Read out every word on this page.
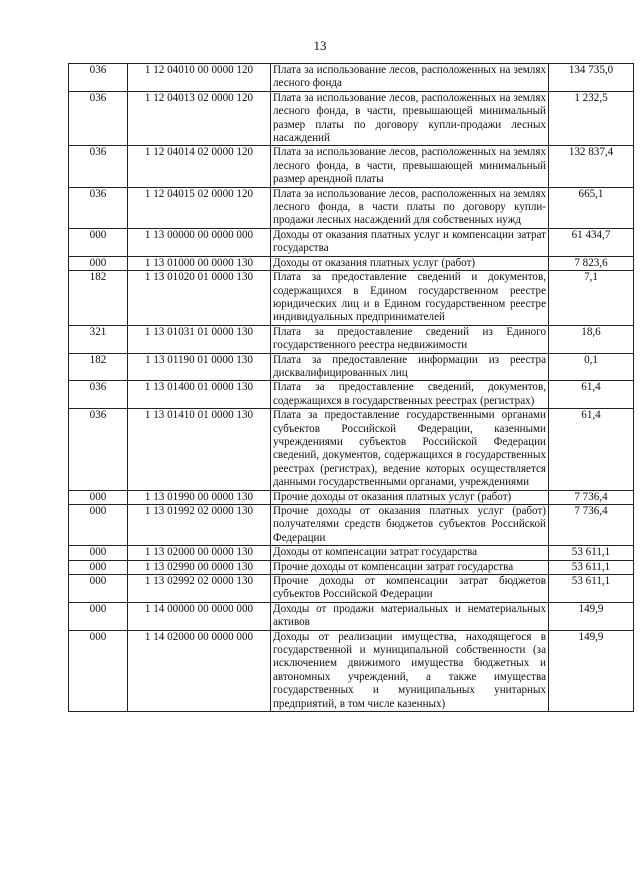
13
036	1 12 04010 00 0000 120	Плата за использование лесов, расположенных на землях лесного фонда	134 735,0
036	1 12 04013 02 0000 120	Плата за использование лесов, расположенных на землях лесного фонда, в части, превышающей минимальный размер платы по договору купли-продажи лесных насаждений	1 232,5
036	1 12 04014 02 0000 120	Плата за использование лесов, расположенных на землях лесного фонда, в части, превышающей минимальный размер арендной платы	132 837,4
036	1 12 04015 02 0000 120	Плата за использование лесов, расположенных на землях лесного фонда, в части платы по договору купли-продажи лесных насаждений для собственных нужд	665,1
000	1 13 00000 00 0000 000	Доходы от оказания платных услуг и компенсации затрат государства	61 434,7
000	1 13 01000 00 0000 130	Доходы от оказания платных услуг (работ)	7 823,6
182	1 13 01020 01 0000 130	Плата за предоставление сведений и документов, содержащихся в Едином государственном реестре юридических лиц и в Едином государственном реестре индивидуальных предпринимателей	7,1
321	1 13 01031 01 0000 130	Плата за предоставление сведений из Единого государственного реестра недвижимости	18,6
182	1 13 01190 01 0000 130	Плата за предоставление информации из реестра дисквалифицированных лиц	0,1
036	1 13 01400 01 0000 130	Плата за предоставление сведений, документов, содержащихся в государственных реестрах (регистрах)	61,4
036	1 13 01410 01 0000 130	Плата за предоставление государственными органами субъектов Российской Федерации, казенными учреждениями субъектов Российской Федерации сведений, документов, содержащихся в государственных реестрах (регистрах), ведение которых осуществляется данными государственными органами, учреждениями	61,4
000	1 13 01990 00 0000 130	Прочие доходы от оказания платных услуг (работ)	7 736,4
000	1 13 01992 02 0000 130	Прочие доходы от оказания платных услуг (работ) получателями средств бюджетов субъектов Российской Федерации	7 736,4
000	1 13 02000 00 0000 130	Доходы от компенсации затрат государства	53 611,1
000	1 13 02990 00 0000 130	Прочие доходы от компенсации затрат государства	53 611,1
000	1 13 02992 02 0000 130	Прочие доходы от компенсации затрат бюджетов субъектов Российской Федерации	53 611,1
000	1 14 00000 00 0000 000	Доходы от продажи материальных и нематериальных активов	149,9
000	1 14 02000 00 0000 000	Доходы от реализации имущества, находящегося в государственной и муниципальной собственности (за исключением движимого имущества бюджетных и автономных учреждений, а также имущества государственных и муниципальных унитарных предприятий, в том числе казенных)	149,9
